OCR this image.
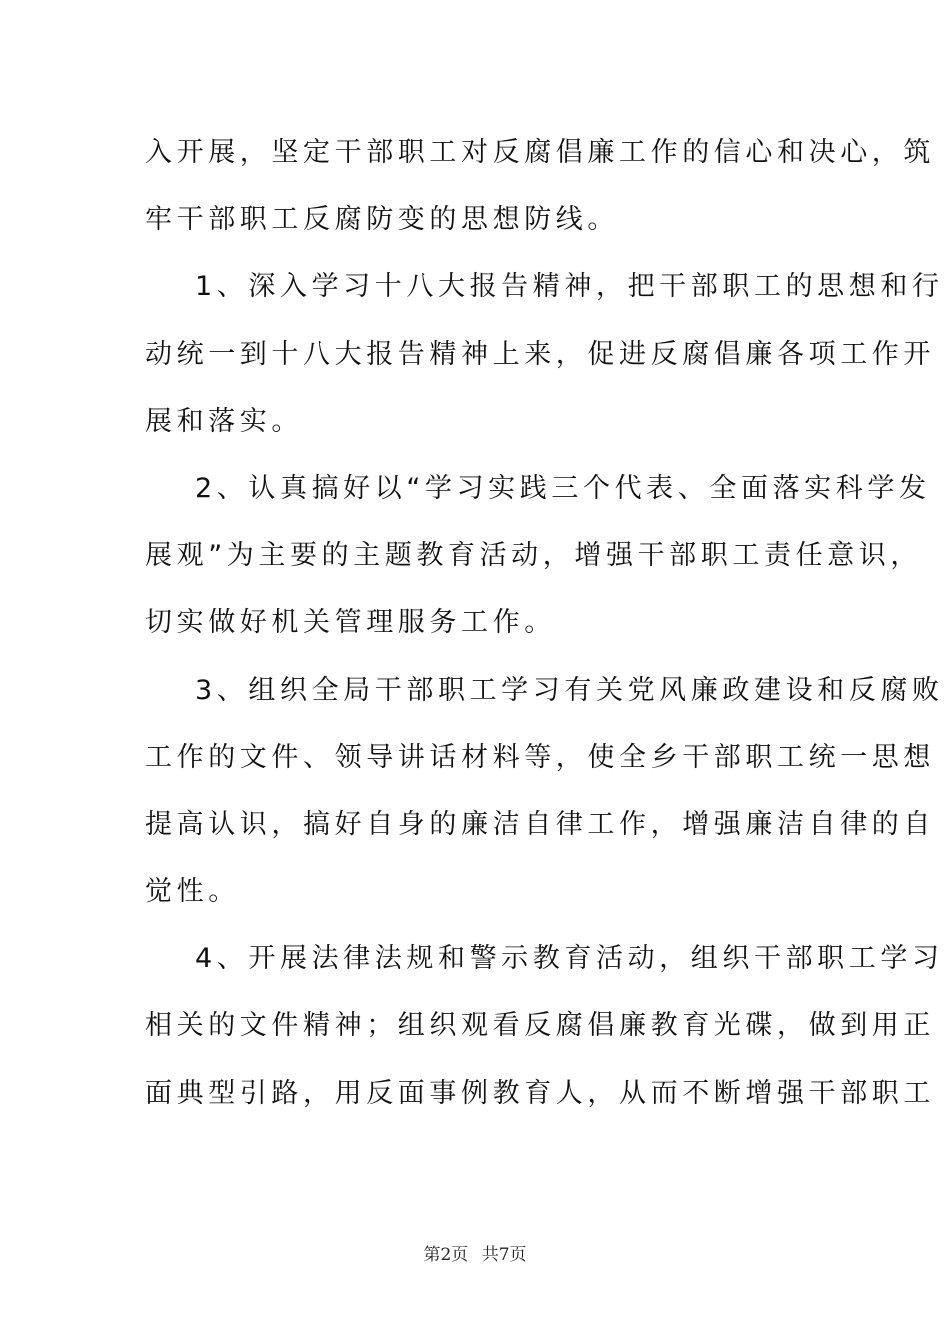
入开展，坚定干部职工对反腐倡廉工作的信心和决心，筑
牢干部职工反腐防变的思想防线。
1、深入学习十八大报告精神，把干部职工的思想和行
动统一到十八大报告精神上来，促进反腐倡廉各项工作开
展和落实。
2、认真搞好以“学习实践三个代表、全面落实科学发
展观”为主要的主题教育活动，增强干部职工责任意识，
切实做好机关管理服务工作。
3、组织全局干部职工学习有关党风廉政建设和反腐败
工作的文件、领导讲话材料等，使全乡干部职工统一思想
提高认识，搞好自身的廉洁自律工作，增强廉洁自律的自
觉性。
4、开展法律法规和警示教育活动，组织干部职工学习
相关的文件精神；组织观看反腐倡廉教育光碟，做到用正
面典型引路，用反面事例教育人，从而不断增强干部职工
第2页 共7页
